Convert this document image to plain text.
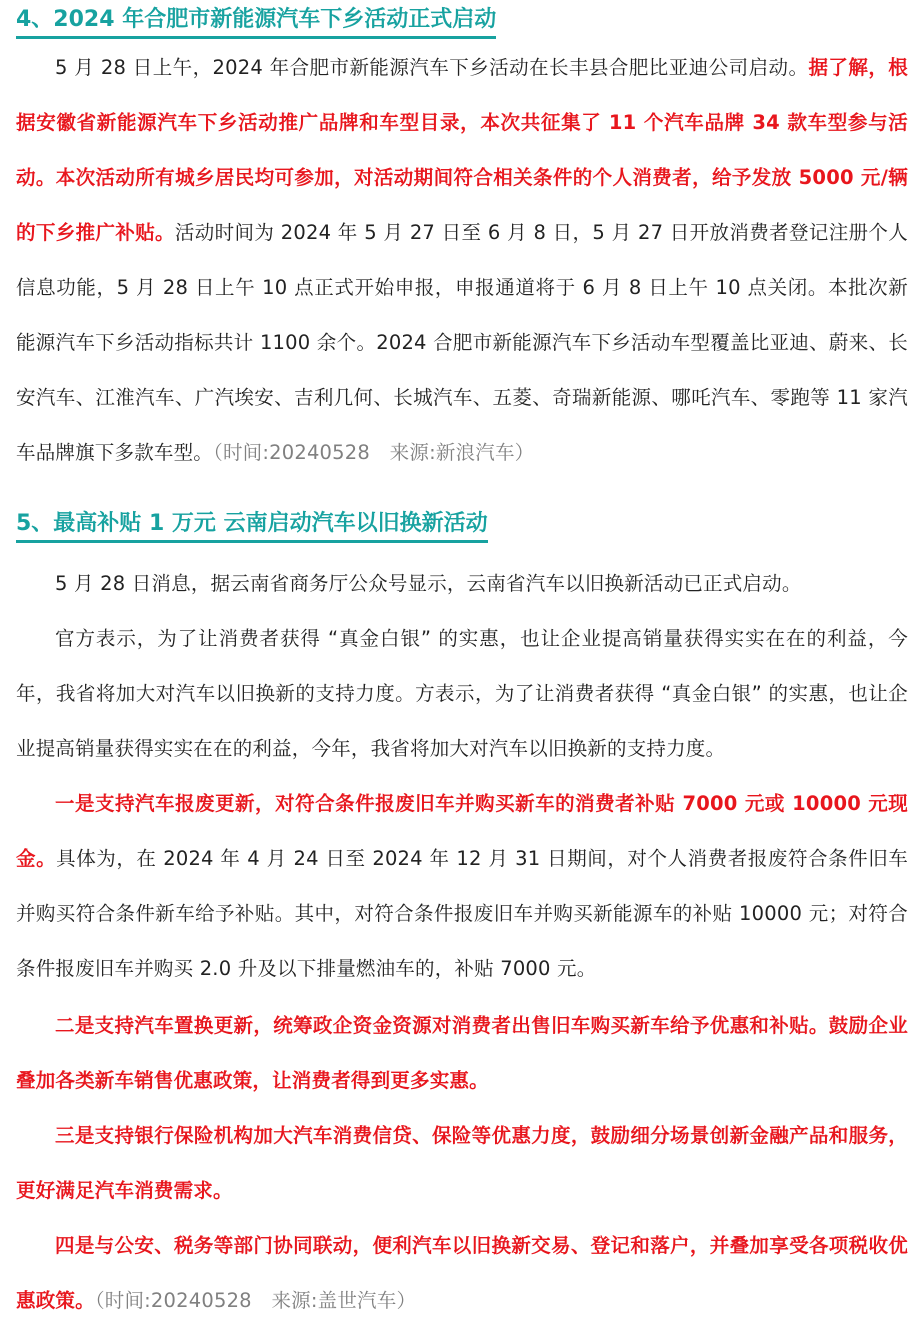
4、2024 年合肥市新能源汽车下乡活动正式启动

5 月 28 日上午，2024 年合肥市新能源汽车下乡活动在长丰县合肥比亚迪公司启动。据了解，根据安徽省新能源汽车下乡活动推广品牌和车型目录，本次共征集了 11 个汽车品牌 34 款车型参与活动。本次活动所有城乡居民均可参加，对活动期间符合相关条件的个人消费者，给予发放 5000 元/辆的下乡推广补贴。活动时间为 2024 年 5 月 27 日至 6 月 8 日，5 月 27 日开放消费者登记注册个人信息功能，5 月 28 日上午 10 点正式开始申报，申报通道将于 6 月 8 日上午 10 点关闭。本批次新能源汽车下乡活动指标共计 1100 余个。2024 合肥市新能源汽车下乡活动车型覆盖比亚迪、蔚来、长安汽车、江淮汽车、广汽埃安、吉利几何、长城汽车、五菱、奇瑞新能源、哪吒汽车、零跑等 11 家汽车品牌旗下多款车型。（时间:20240528　来源:新浪汽车）

5、最高补贴 1 万元 云南启动汽车以旧换新活动

5 月 28 日消息，据云南省商务厅公众号显示，云南省汽车以旧换新活动已正式启动。

官方表示，为了让消费者获得 “真金白银” 的实惠，也让企业提高销量获得实实在在的利益，今年，我省将加大对汽车以旧换新的支持力度。方表示，为了让消费者获得 “真金白银” 的实惠，也让企业提高销量获得实实在在的利益，今年，我省将加大对汽车以旧换新的支持力度。

一是支持汽车报废更新，对符合条件报废旧车并购买新车的消费者补贴 7000 元或 10000 元现金。具体为，在 2024 年 4 月 24 日至 2024 年 12 月 31 日期间，对个人消费者报废符合条件旧车并购买符合条件新车给予补贴。其中，对符合条件报废旧车并购买新能源车的补贴 10000 元；对符合条件报废旧车并购买 2.0 升及以下排量燃油车的，补贴 7000 元。

二是支持汽车置换更新，统筹政企资金资源对消费者出售旧车购买新车给予优惠和补贴。鼓励企业叠加各类新车销售优惠政策，让消费者得到更多实惠。

三是支持银行保险机构加大汽车消费信贷、保险等优惠力度，鼓励细分场景创新金融产品和服务，更好满足汽车消费需求。

四是与公安、税务等部门协同联动，便利汽车以旧换新交易、登记和落户，并叠加享受各项税收优惠政策。（时间:20240528　来源:盖世汽车）
